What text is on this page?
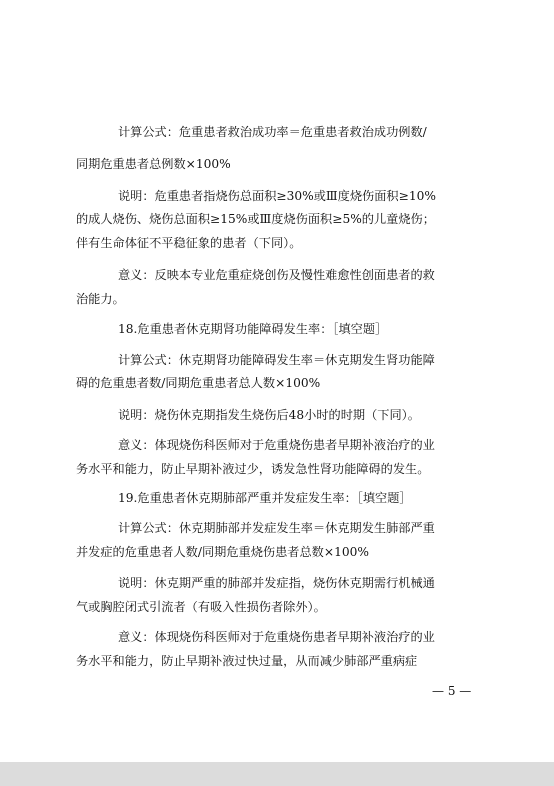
计算公式：危重患者救治成功率＝危重患者救治成功例数/

同期危重患者总例数×100%

说明：危重患者指烧伤总面积≥30%或Ⅲ度烧伤面积≥10%

的成人烧伤、烧伤总面积≥15%或Ⅲ度烧伤面积≥5%的儿童烧伤；

伴有生命体征不平稳征象的患者（下同）。

意义：反映本专业危重症烧创伤及慢性难愈性创面患者的救

治能力。

18.危重患者休克期肾功能障碍发生率：［填空题］

计算公式：休克期肾功能障碍发生率＝休克期发生肾功能障

碍的危重患者数/同期危重患者总人数×100%

说明：烧伤休克期指发生烧伤后48小时的时期（下同）。

意义：体现烧伤科医师对于危重烧伤患者早期补液治疗的业

务水平和能力，防止早期补液过少，诱发急性肾功能障碍的发生。

19.危重患者休克期肺部严重并发症发生率：［填空题］

计算公式：休克期肺部并发症发生率＝休克期发生肺部严重

并发症的危重患者人数/同期危重烧伤患者总数×100%

说明：休克期严重的肺部并发症指，烧伤休克期需行机械通

气或胸腔闭式引流者（有吸入性损伤者除外）。

意义：体现烧伤科医师对于危重烧伤患者早期补液治疗的业

务水平和能力，防止早期补液过快过量，从而减少肺部严重病症

— 5 —
